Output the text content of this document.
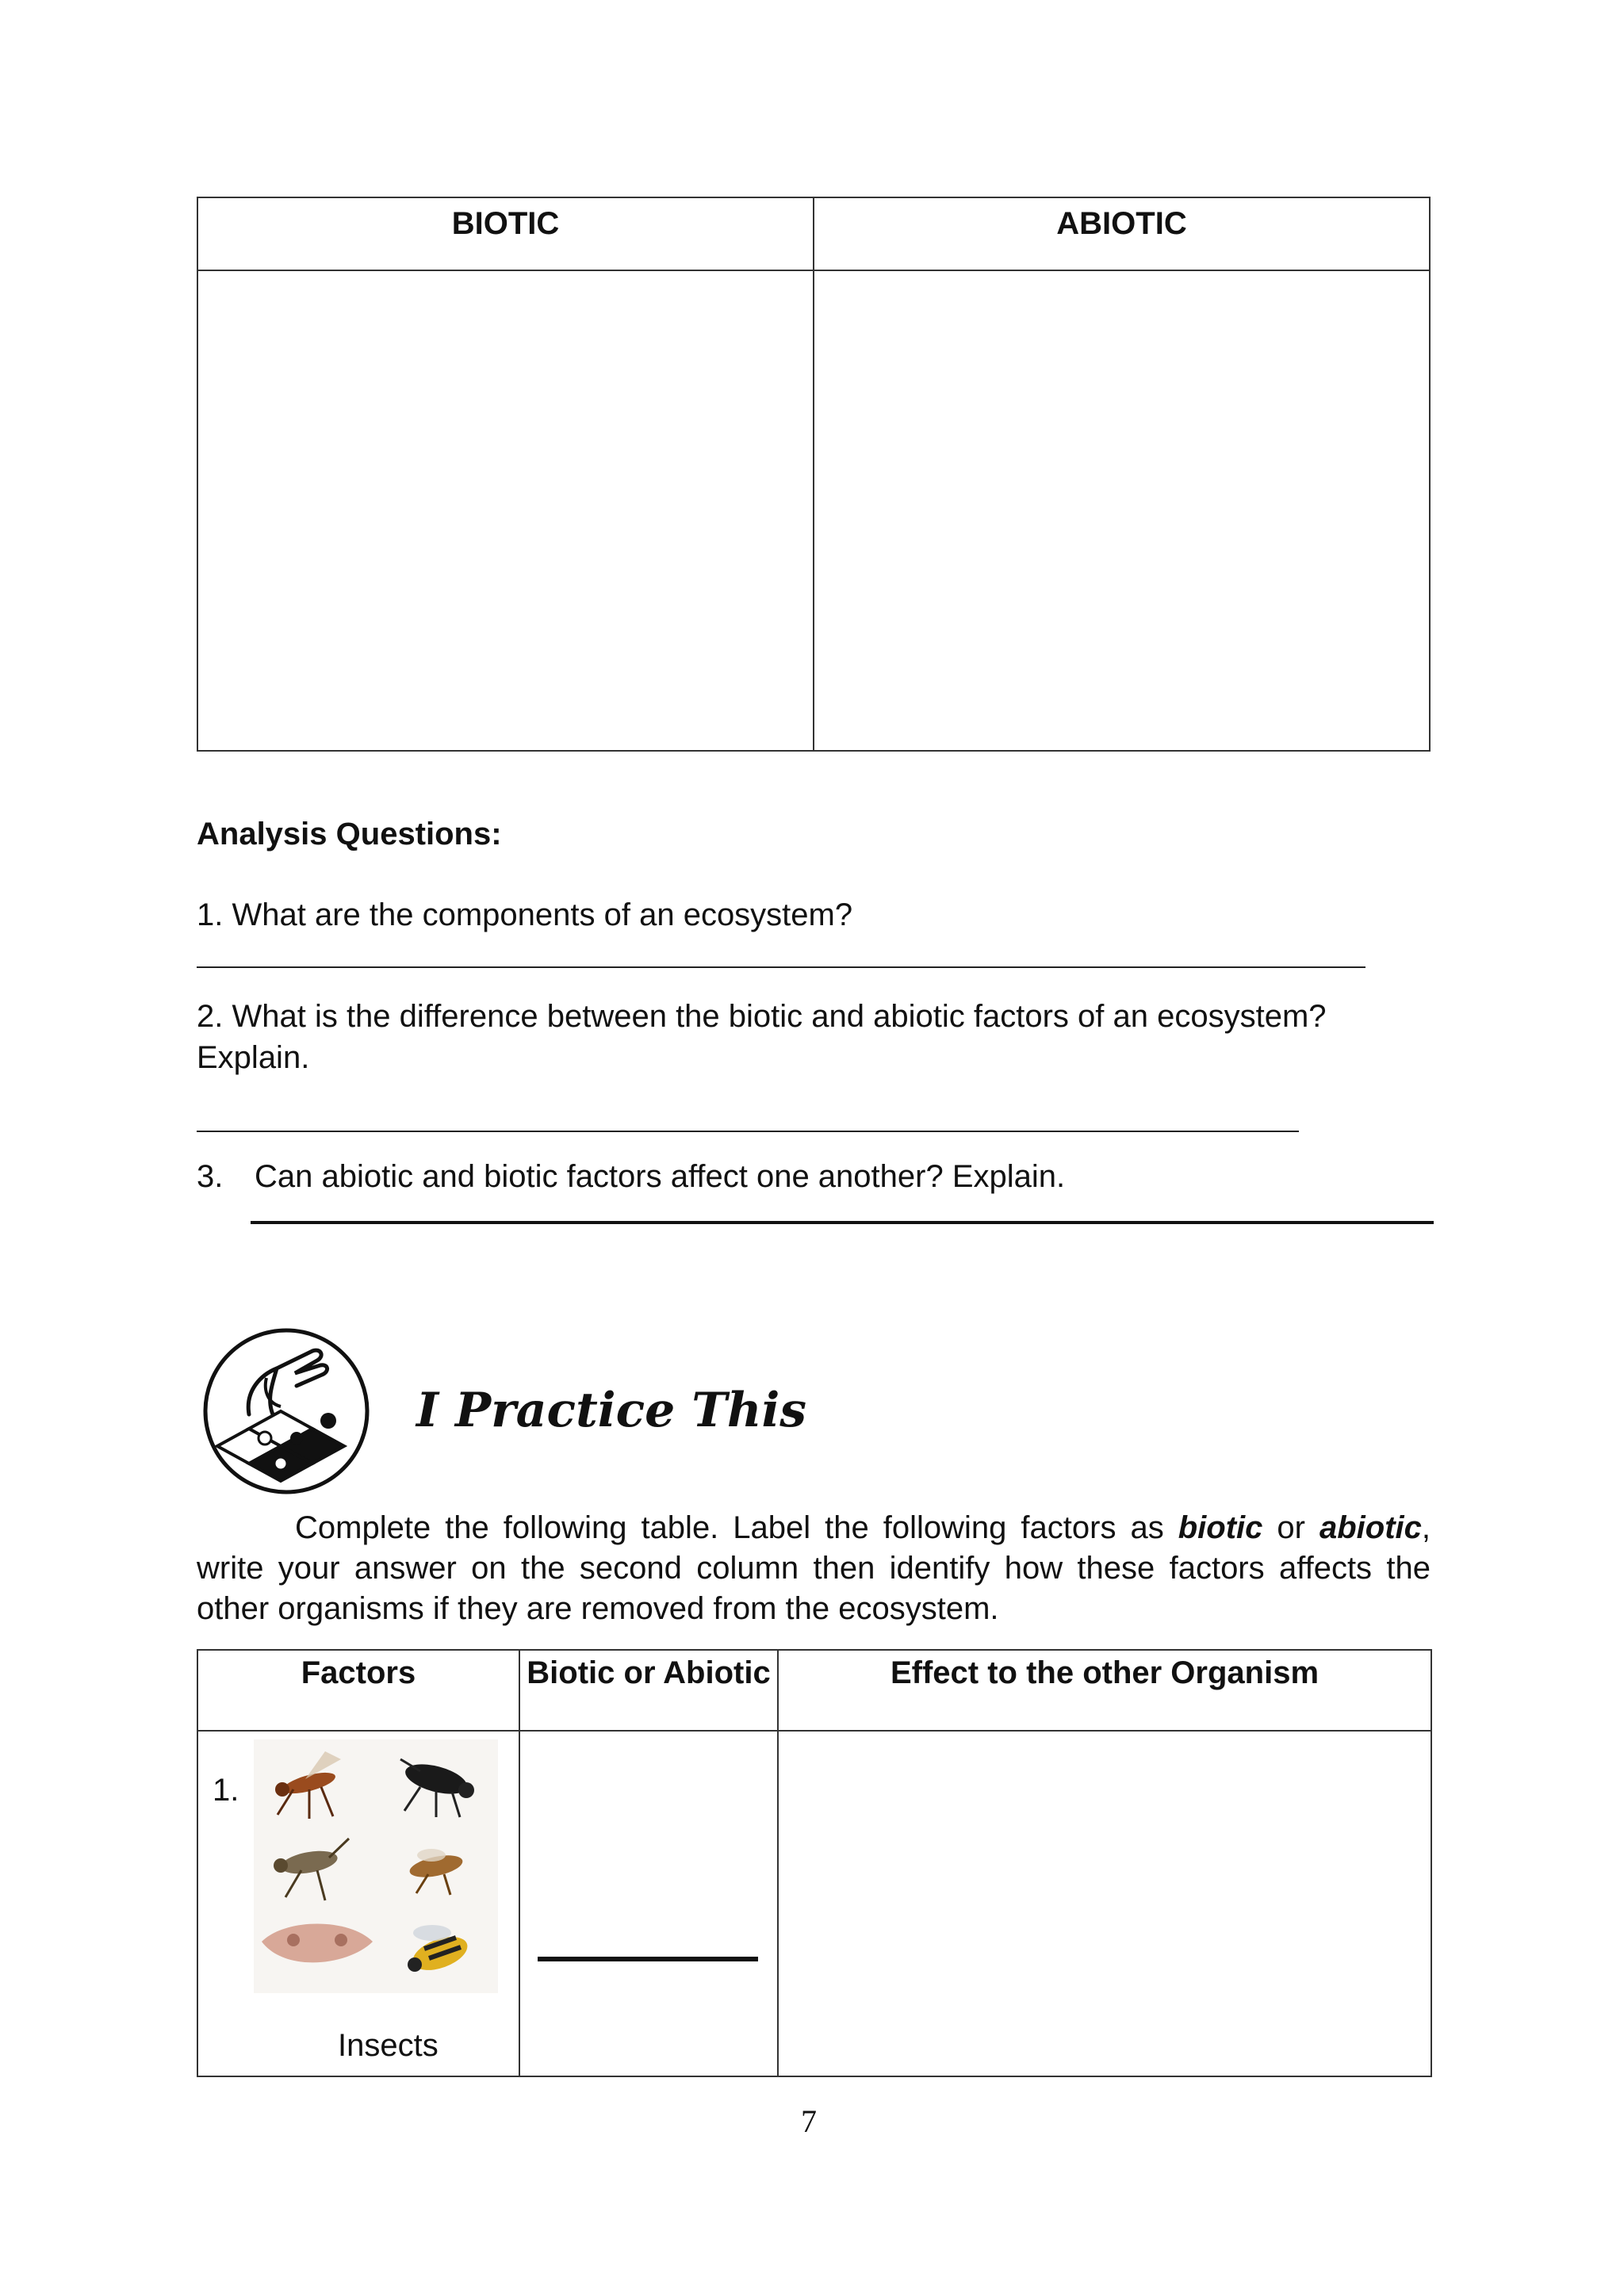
BIOTIC	ABIOTIC

Analysis Questions:
1. What are the components of an ecosystem?
2. What is the difference between the biotic and abiotic factors of an ecosystem? Explain.
3. Can abiotic and biotic factors affect one another? Explain.
I Practice This
Complete the following table. Label the following factors as biotic or abiotic, write your answer on the second column then identify how these factors affects the other organisms if they are removed from the ecosystem.
Factors	Biotic or Abiotic	Effect to the other Organism

1.
Insects		

7
